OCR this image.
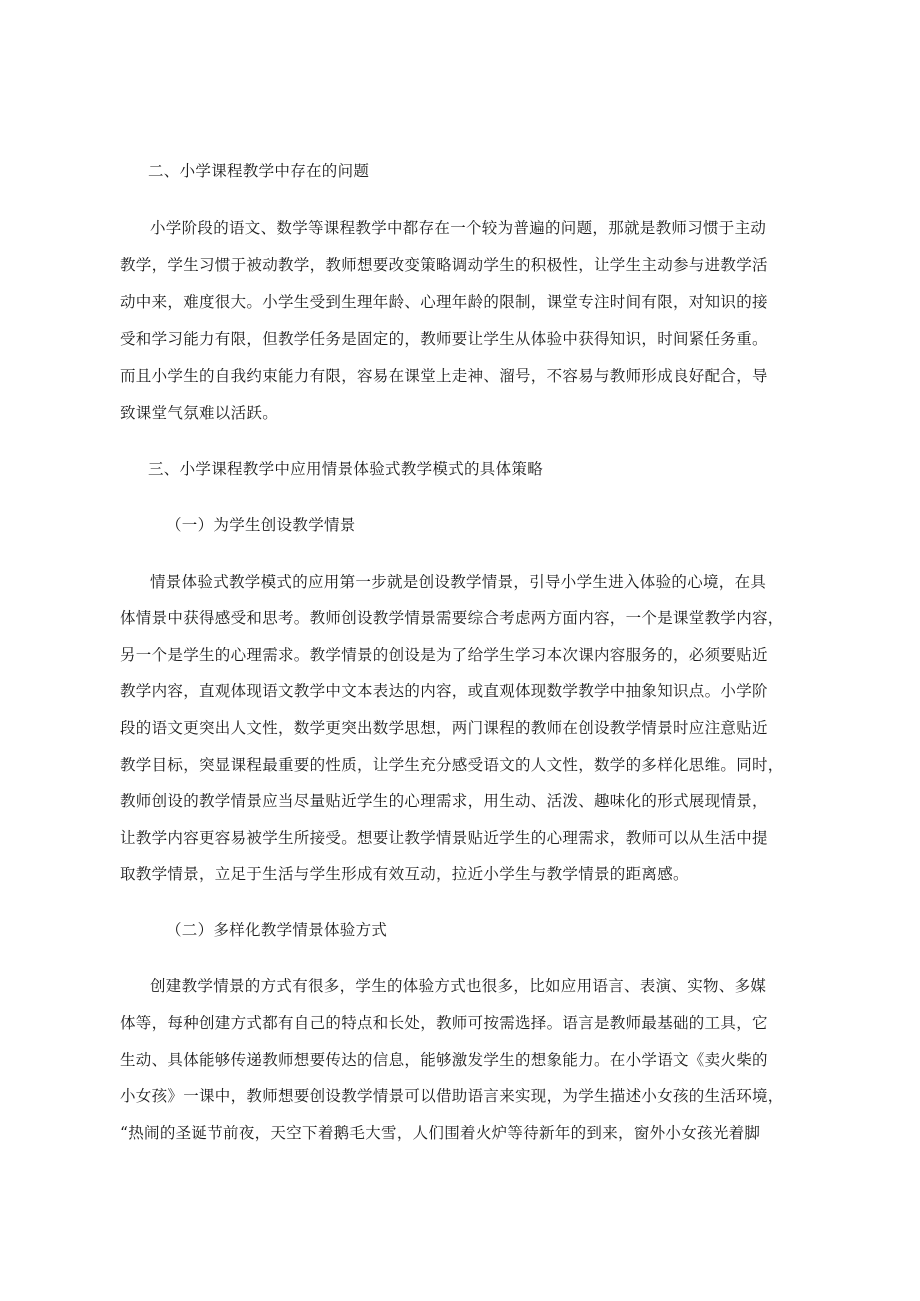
二、小学课程教学中存在的问题
小学阶段的语文、数学等课程教学中都存在一个较为普遍的问题，那就是教师习惯于主动
教学，学生习惯于被动教学，教师想要改变策略调动学生的积极性，让学生主动参与进教学活
动中来，难度很大。小学生受到生理年龄、心理年龄的限制，课堂专注时间有限，对知识的接
受和学习能力有限，但教学任务是固定的，教师要让学生从体验中获得知识，时间紧任务重。
而且小学生的自我约束能力有限，容易在课堂上走神、溜号，不容易与教师形成良好配合，导
致课堂气氛难以活跃。
三、小学课程教学中应用情景体验式教学模式的具体策略
（一）为学生创设教学情景
情景体验式教学模式的应用第一步就是创设教学情景，引导小学生进入体验的心境，在具
体情景中获得感受和思考。教师创设教学情景需要综合考虑两方面内容，一个是课堂教学内容，
另一个是学生的心理需求。教学情景的创设是为了给学生学习本次课内容服务的，必须要贴近
教学内容，直观体现语文教学中文本表达的内容，或直观体现数学教学中抽象知识点。小学阶
段的语文更突出人文性，数学更突出数学思想，两门课程的教师在创设教学情景时应注意贴近
教学目标，突显课程最重要的性质，让学生充分感受语文的人文性，数学的多样化思维。同时，
教师创设的教学情景应当尽量贴近学生的心理需求，用生动、活泼、趣味化的形式展现情景，
让教学内容更容易被学生所接受。想要让教学情景贴近学生的心理需求，教师可以从生活中提
取教学情景，立足于生活与学生形成有效互动，拉近小学生与教学情景的距离感。
（二）多样化教学情景体验方式
创建教学情景的方式有很多，学生的体验方式也很多，比如应用语言、表演、实物、多媒
体等，每种创建方式都有自己的特点和长处，教师可按需选择。语言是教师最基础的工具，它
生动、具体能够传递教师想要传达的信息，能够激发学生的想象能力。在小学语文《卖火柴的
小女孩》一课中，教师想要创设教学情景可以借助语言来实现，为学生描述小女孩的生活环境，
“热闹的圣诞节前夜，天空下着鹅毛大雪，人们围着火炉等待新年的到来，窗外小女孩光着脚
